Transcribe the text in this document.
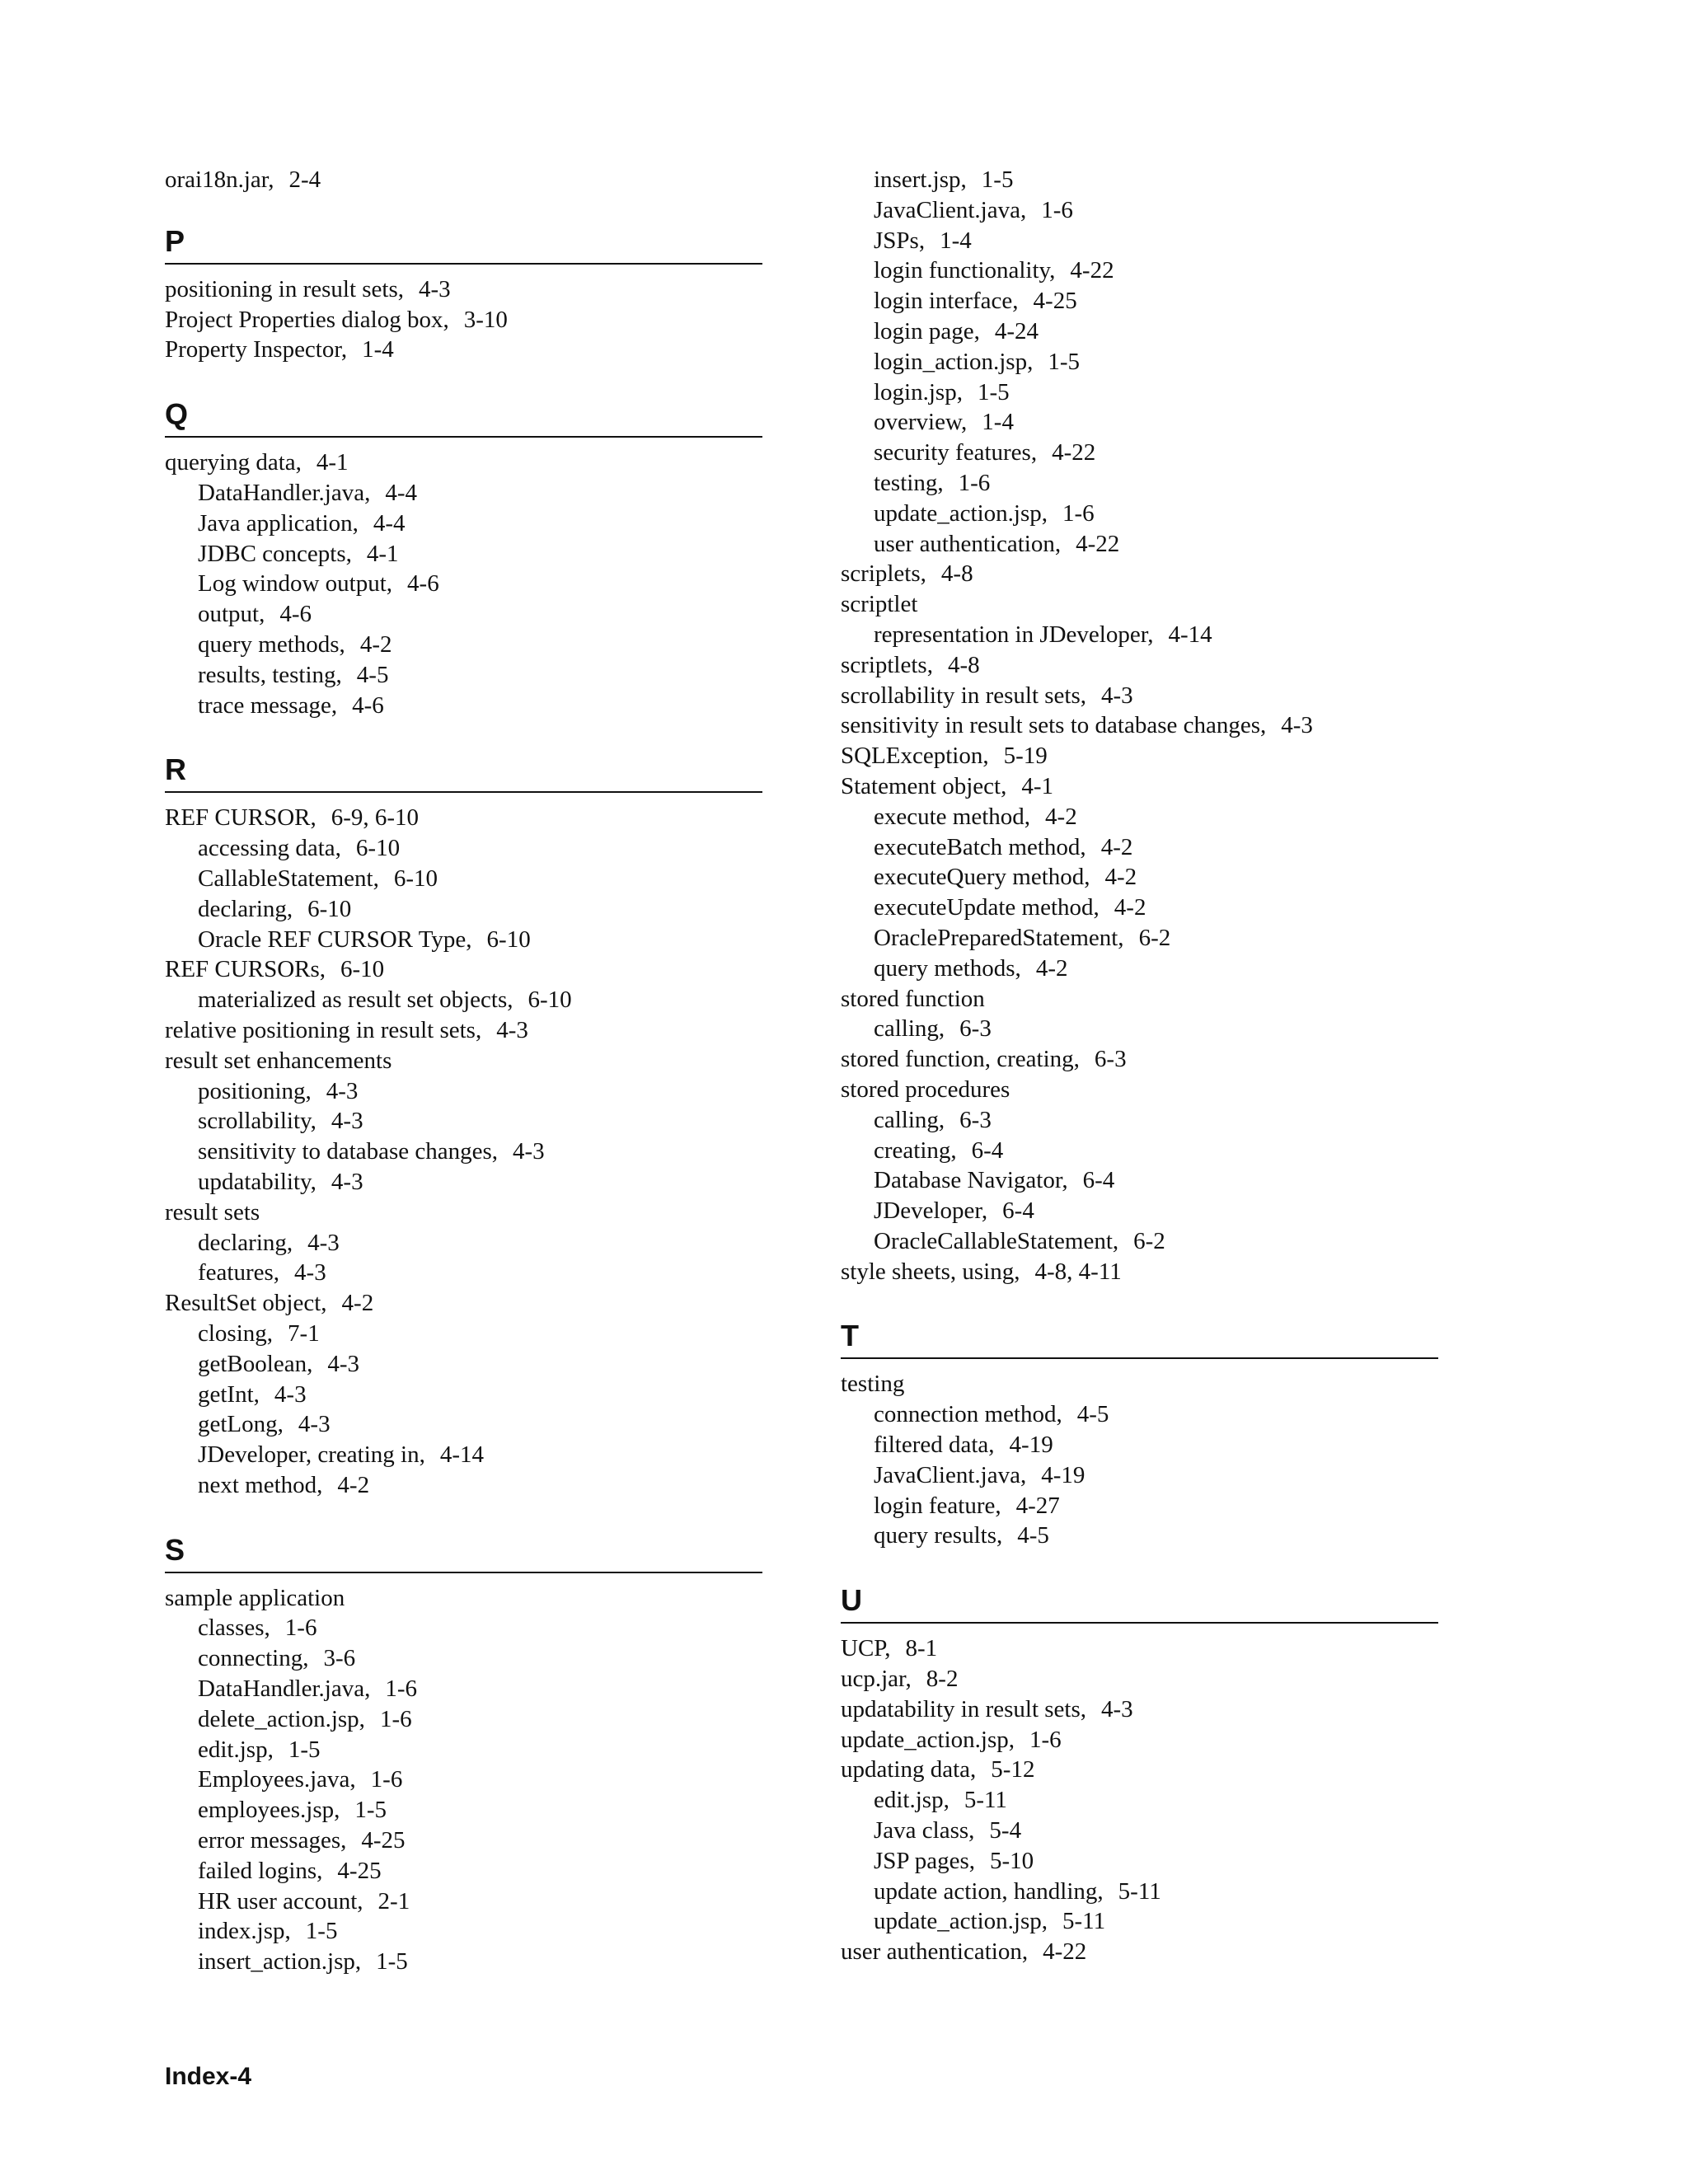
orai18n.jar, 2-4
P
positioning in result sets, 4-3
Project Properties dialog box, 3-10
Property Inspector, 1-4
Q
querying data, 4-1
DataHandler.java, 4-4
Java application, 4-4
JDBC concepts, 4-1
Log window output, 4-6
output, 4-6
query methods, 4-2
results, testing, 4-5
trace message, 4-6
R
REF CURSOR, 6-9, 6-10
accessing data, 6-10
CallableStatement, 6-10
declaring, 6-10
Oracle REF CURSOR Type, 6-10
REF CURSORs, 6-10
materialized as result set objects, 6-10
relative positioning in result sets, 4-3
result set enhancements
positioning, 4-3
scrollability, 4-3
sensitivity to database changes, 4-3
updatability, 4-3
result sets
declaring, 4-3
features, 4-3
ResultSet object, 4-2
closing, 7-1
getBoolean, 4-3
getInt, 4-3
getLong, 4-3
JDeveloper, creating in, 4-14
next method, 4-2
S
sample application
classes, 1-6
connecting, 3-6
DataHandler.java, 1-6
delete_action.jsp, 1-6
edit.jsp, 1-5
Employees.java, 1-6
employees.jsp, 1-5
error messages, 4-25
failed logins, 4-25
HR user account, 2-1
index.jsp, 1-5
insert_action.jsp, 1-5
insert.jsp, 1-5
JavaClient.java, 1-6
JSPs, 1-4
login functionality, 4-22
login interface, 4-25
login page, 4-24
login_action.jsp, 1-5
login.jsp, 1-5
overview, 1-4
security features, 4-22
testing, 1-6
update_action.jsp, 1-6
user authentication, 4-22
scriplets, 4-8
scriptlet
representation in JDeveloper, 4-14
scriptlets, 4-8
scrollability in result sets, 4-3
sensitivity in result sets to database changes, 4-3
SQLException, 5-19
Statement object, 4-1
execute method, 4-2
executeBatch method, 4-2
executeQuery method, 4-2
executeUpdate method, 4-2
OraclePreparedStatement, 6-2
query methods, 4-2
stored function
calling, 6-3
stored function, creating, 6-3
stored procedures
calling, 6-3
creating, 6-4
Database Navigator, 6-4
JDeveloper, 6-4
OracleCallableStatement, 6-2
style sheets, using, 4-8, 4-11
T
testing
connection method, 4-5
filtered data, 4-19
JavaClient.java, 4-19
login feature, 4-27
query results, 4-5
U
UCP, 8-1
ucp.jar, 8-2
updatability in result sets, 4-3
update_action.jsp, 1-6
updating data, 5-12
edit.jsp, 5-11
Java class, 5-4
JSP pages, 5-10
update action, handling, 5-11
update_action.jsp, 5-11
user authentication, 4-22
Index-4
